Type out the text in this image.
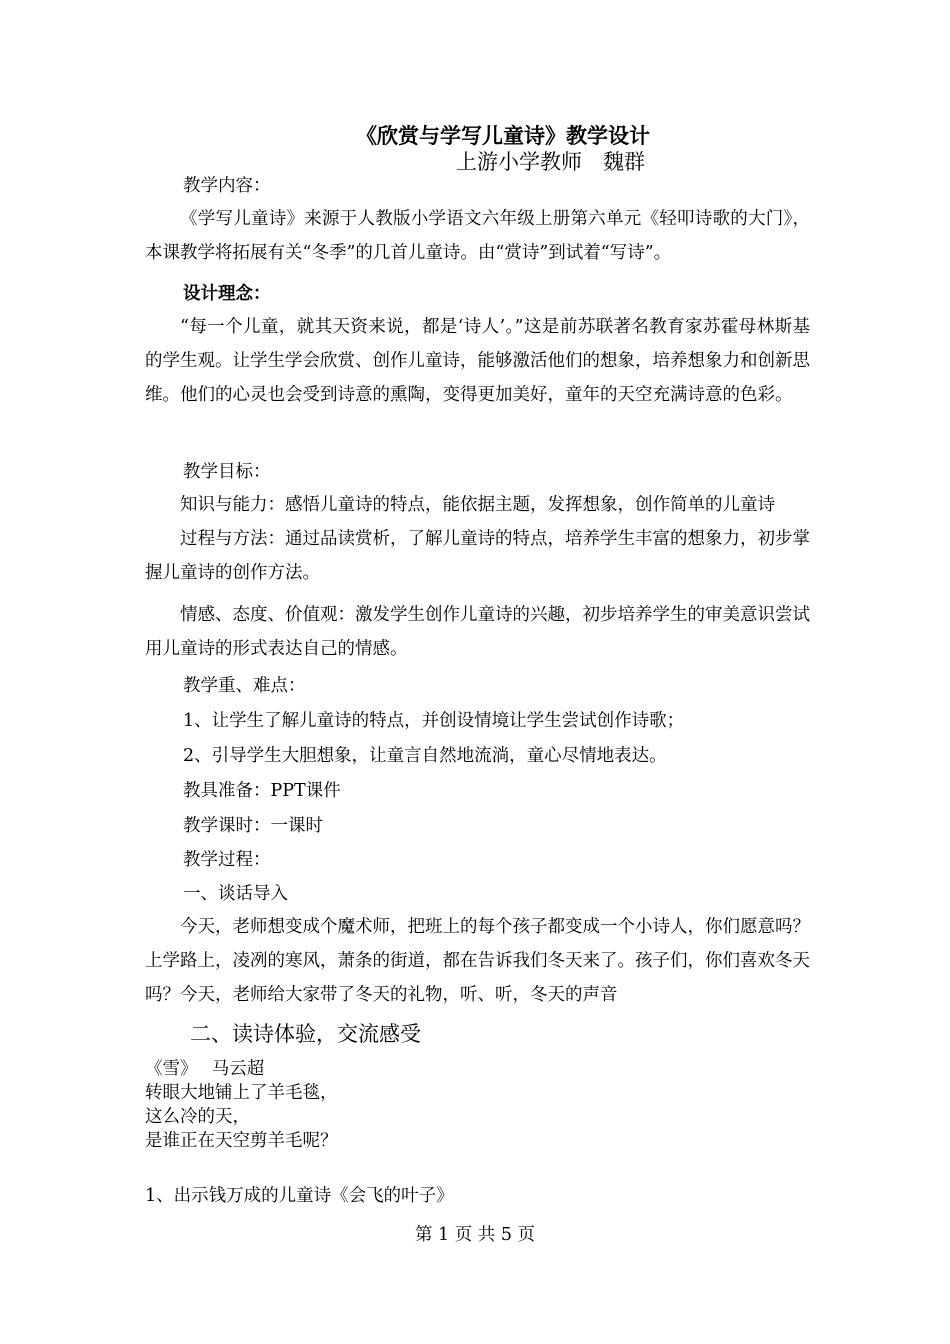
《欣赏与学写儿童诗》教学设计
上游小学教师　魏群
教学内容：

《学写儿童诗》来源于人教版小学语文六年级上册第六单元《轻叩诗歌的大门》，本课教学将拓展有关“冬季”的几首儿童诗。由“赏诗”到试着“写诗”。

设计理念：

“每一个儿童，就其天资来说，都是‘诗人’。”这是前苏联著名教育家苏霍母林斯基的学生观。让学生学会欣赏、创作儿童诗，能够激活他们的想象，培养想象力和创新思维。他们的心灵也会受到诗意的熏陶，变得更加美好，童年的天空充满诗意的色彩。

教学目标：

知识与能力：感悟儿童诗的特点，能依据主题，发挥想象，创作简单的儿童诗

过程与方法：通过品读赏析，了解儿童诗的特点，培养学生丰富的想象力，初步掌握儿童诗的创作方法。

情感、态度、价值观：激发学生创作儿童诗的兴趣，初步培养学生的审美意识尝试用儿童诗的形式表达自己的情感。

教学重、难点：
1、让学生了解儿童诗的特点，并创设情境让学生尝试创作诗歌；
2、引导学生大胆想象，让童言自然地流淌，童心尽情地表达。
教具准备：PPT课件
教学课时：一课时
教学过程：
一、谈话导入

今天，老师想变成个魔术师，把班上的每个孩子都变成一个小诗人，你们愿意吗？上学路上，凌冽的寒风，萧条的街道，都在告诉我们冬天来了。孩子们，你们喜欢冬天吗？今天，老师给大家带了冬天的礼物，听、听，冬天的声音

二、读诗体验，交流感受
《雪》　 马云超
转眼大地铺上了羊毛毯，
这么冷的天，
是谁正在天空剪羊毛呢？
1、出示钱万成的儿童诗《会飞的叶子》
第 1 页 共 5 页
